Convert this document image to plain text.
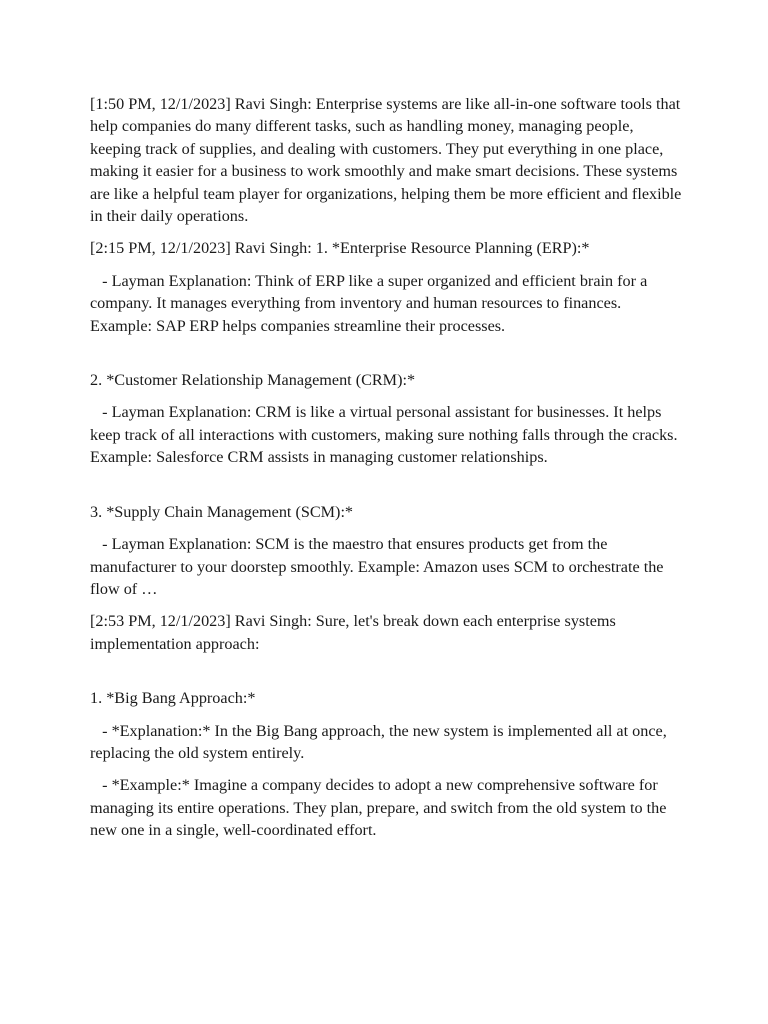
[1:50 PM, 12/1/2023] Ravi Singh: Enterprise systems are like all-in-one software tools that help companies do many different tasks, such as handling money, managing people, keeping track of supplies, and dealing with customers. They put everything in one place, making it easier for a business to work smoothly and make smart decisions. These systems are like a helpful team player for organizations, helping them be more efficient and flexible in their daily operations.

[2:15 PM, 12/1/2023] Ravi Singh: 1. *Enterprise Resource Planning (ERP):*

- Layman Explanation: Think of ERP like a super organized and efficient brain for a company. It manages everything from inventory and human resources to finances. Example: SAP ERP helps companies streamline their processes.

2. *Customer Relationship Management (CRM):*

- Layman Explanation: CRM is like a virtual personal assistant for businesses. It helps keep track of all interactions with customers, making sure nothing falls through the cracks. Example: Salesforce CRM assists in managing customer relationships.

3. *Supply Chain Management (SCM):*

- Layman Explanation: SCM is the maestro that ensures products get from the manufacturer to your doorstep smoothly. Example: Amazon uses SCM to orchestrate the flow of …

[2:53 PM, 12/1/2023] Ravi Singh: Sure, let's break down each enterprise systems implementation approach:

1. *Big Bang Approach:*

- *Explanation:* In the Big Bang approach, the new system is implemented all at once, replacing the old system entirely.

- *Example:* Imagine a company decides to adopt a new comprehensive software for managing its entire operations. They plan, prepare, and switch from the old system to the new one in a single, well-coordinated effort.
